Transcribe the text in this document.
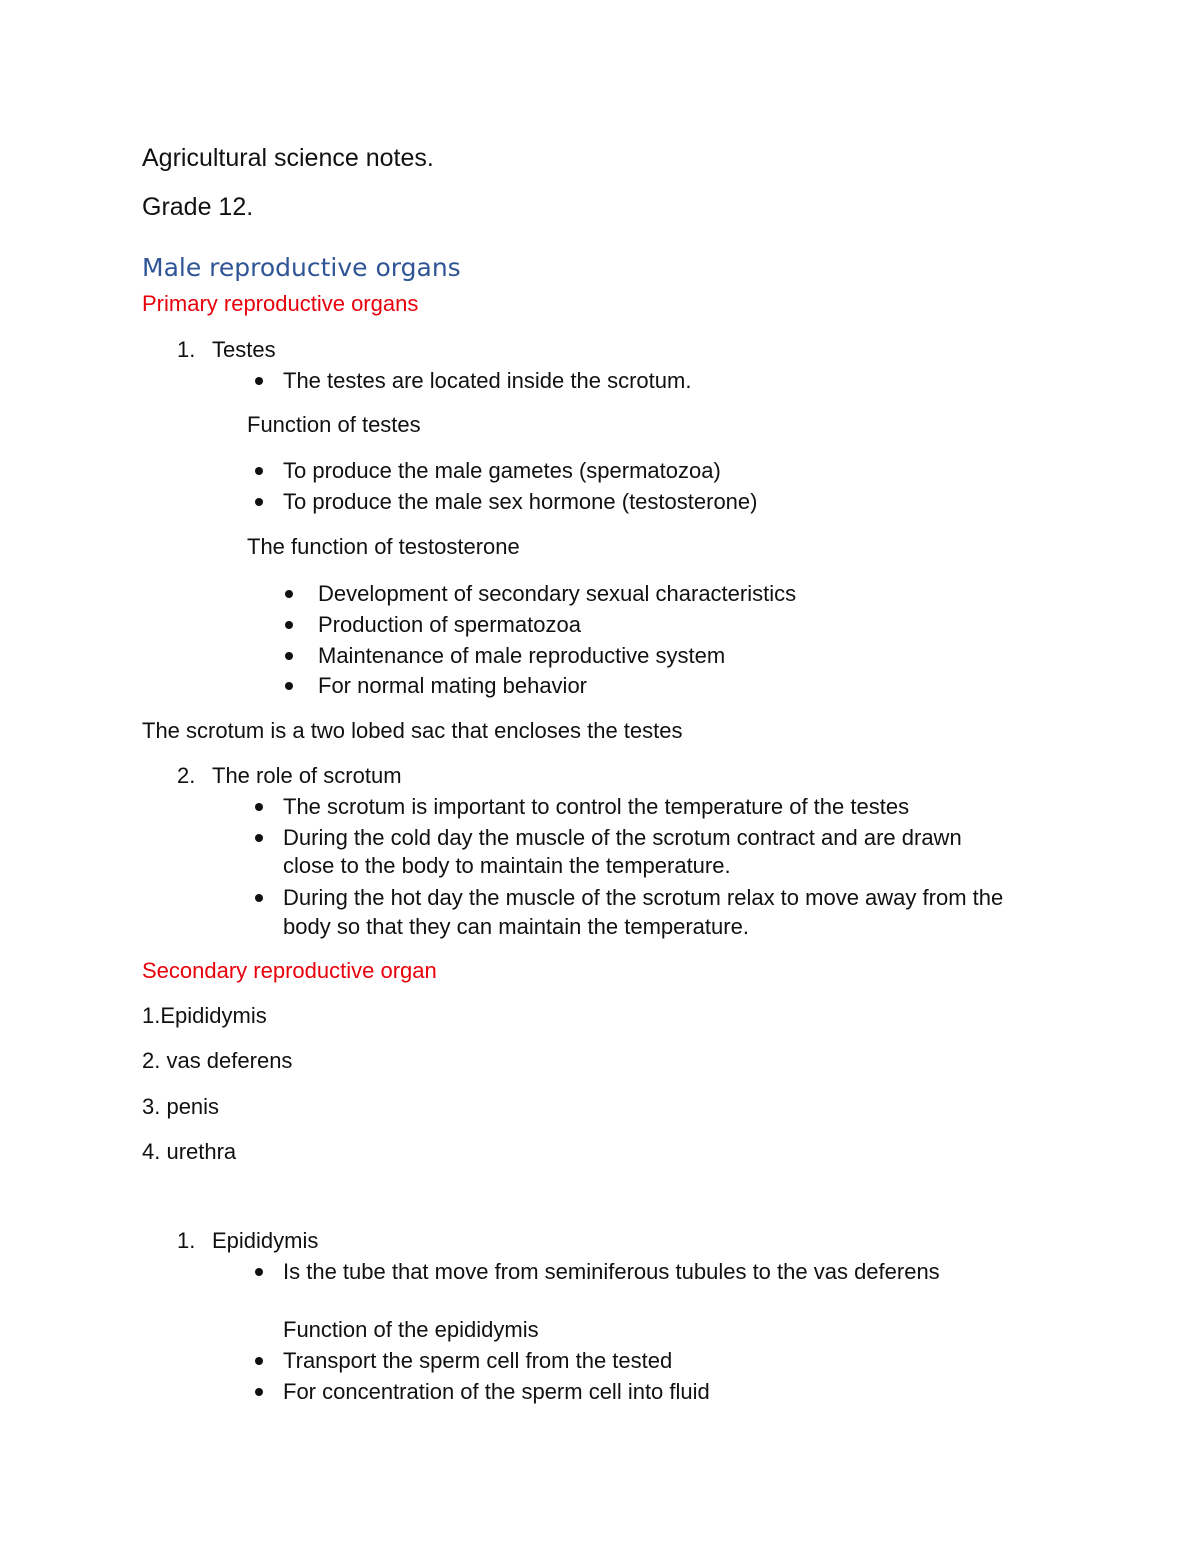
Agricultural science notes.
Grade 12.
Male reproductive organs
Primary reproductive organs
1. Testes
The testes are located inside the scrotum.
Function of testes
To produce the male gametes (spermatozoa)
To produce the male sex hormone (testosterone)
The function of testosterone
Development of secondary sexual characteristics
Production of spermatozoa
Maintenance of male reproductive system
For normal mating behavior
The scrotum is a two lobed sac that encloses the testes
2. The role of scrotum
The scrotum is important to control the temperature of the testes
During the cold day the muscle of the scrotum contract and are drawn
close to the body to maintain the temperature.
During the hot day the muscle of the scrotum relax to move away from the
body so that they can maintain the temperature.
Secondary reproductive organ
1.Epididymis
2. vas deferens
3. penis
4. urethra
1. Epididymis
Is the tube that move from seminiferous tubules to the vas deferens
Function of the epididymis
Transport the sperm cell from the tested
For concentration of the sperm cell into fluid
